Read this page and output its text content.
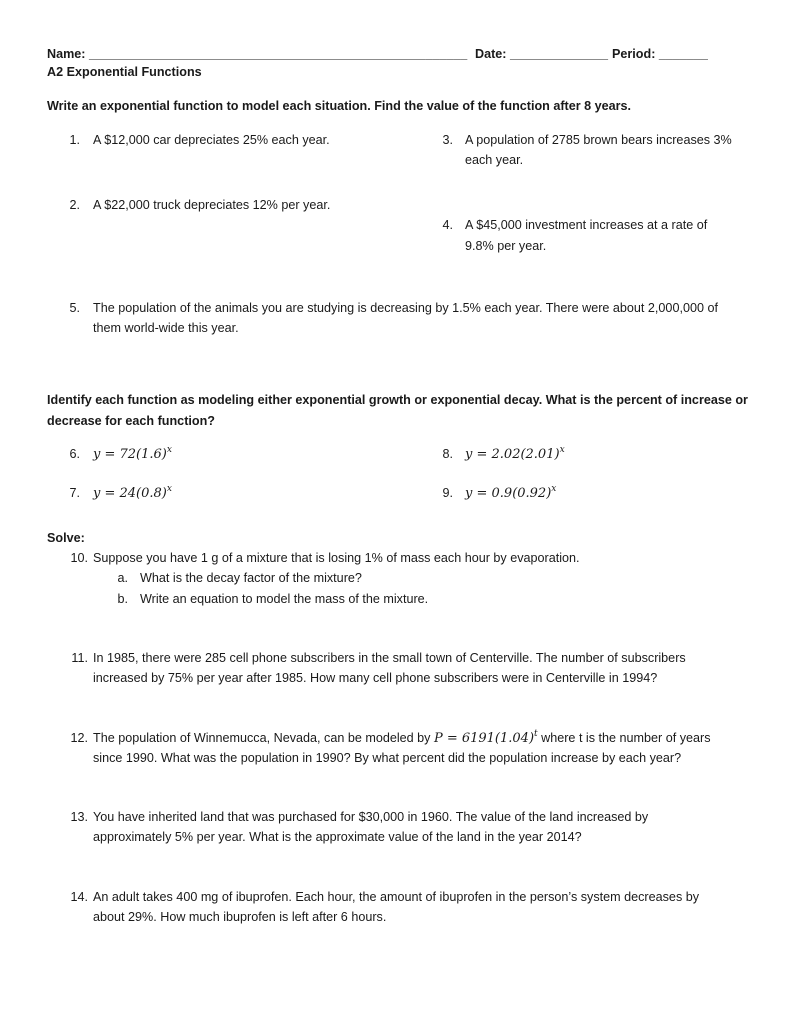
Name: ______________________________________________________ Date: ______________ Period: _______
A2 Exponential Functions
Write an exponential function to model each situation. Find the value of the function after 8 years.
1. A $12,000 car depreciates 25% each year.
2. A $22,000 truck depreciates 12% per year.
3. A population of 2785 brown bears increases 3%
each year.
4. A $45,000 investment increases at a rate of
9.8% per year.
5. The population of the animals you are studying is decreasing by 1.5% each year. There were about 2,000,000 of
them world-wide this year.
Identify each function as modeling either exponential growth or exponential decay. What is the percent of increase or
decrease for each function?
6. $y = 72(1.6)^x$
7. $y = 24(0.8)^x$
8. $y = 2.02(2.01)^x$
9. $y = 0.9(0.92)^x$
Solve:
10. Suppose you have 1 g of a mixture that is losing 1% of mass each hour by evaporation.
a. What is the decay factor of the mixture?
b. Write an equation to model the mass of the mixture.
11. In 1985, there were 285 cell phone subscribers in the small town of Centerville. The number of subscribers
increased by 75% per year after 1985. How many cell phone subscribers were in Centerville in 1994?
12. The population of Winnemucca, Nevada, can be modeled by $P = 6191(1.04)^t$ where t is the number of years
since 1990. What was the population in 1990? By what percent did the population increase by each year?
13. You have inherited land that was purchased for $30,000 in 1960. The value of the land increased by
approximately 5% per year. What is the approximate value of the land in the year 2014?
14. An adult takes 400 mg of ibuprofen. Each hour, the amount of ibuprofen in the person’s system decreases by
about 29%. How much ibuprofen is left after 6 hours.
